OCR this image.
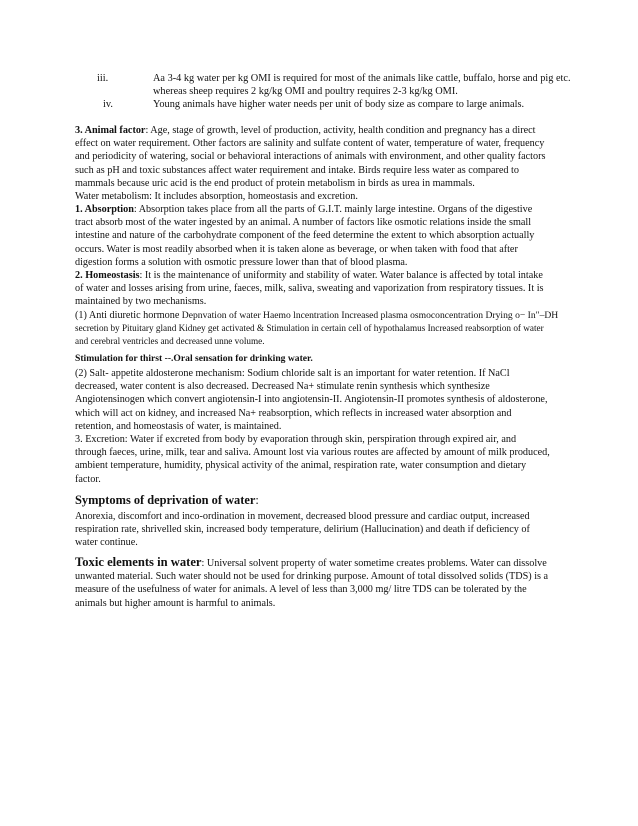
iii.	Aa 3-4 kg water per kg OMI is required for most of the animals like cattle, buffalo, horse and pig etc.
whereas sheep requires 2 kg/kg OMI and poultry requires 2-3 kg/kg OMI.
iv.	Young animals have higher water needs per unit of body size as compare to large animals.
3. Animal factor: Age, stage of growth, level of production, activity, health condition and pregnancy has a direct
effect on water requirement. Other factors are salinity and sulfate content of water, temperature of water, frequency
and periodicity of watering, social or behavioral interactions of animals with environment, and other quality factors
such as pH and toxic substances affect water requirement and intake. Birds require less water as compared to
mammals because uric acid is the end product of protein metabolism in birds as urea in mammals.
Water metabolism: It includes absorption, homeostasis and excretion.
1. Absorption: Absorption takes place from all the parts of G.I.T. mainly large intestine. Organs of the digestive
tract absorb most of the water ingested by an animal. A number of factors like osmotic relations inside the small
intestine and nature of the carbohydrate component of the feed determine the extent to which absorption actually
occurs. Water is most readily absorbed when it is taken alone as beverage, or when taken with food that after
digestion forms a solution with osmotic pressure lower than that of blood plasma.
2. Homeostasis: It is the maintenance of uniformity and stability of water. Water balance is affected by total intake
of water and losses arising from urine, faeces, milk, saliva, sweating and vaporization from respiratory tissues. It is
maintained by two mechanisms.
(1) Anti diuretic hormone Depnvation of water Haemo lncentration Increased plasma osmoconcentration Drying o− In"–DH
secretion by Pituitary gland Kidney get activated & Stimulation in certain cell of hypothalamus Increased reabsorption of water
and cerebral ventricles and decreased unne volume.
Stimulation for thirst --.Oral sensation for drinking water.
(2) Salt- appetite aldosterone mechanism: Sodium chloride salt is an important for water retention. If NaCl
decreased, water content is also decreased. Decreased Na+ stimulate renin synthesis which synthesize
Angiotensinogen which convert angiotensin-I into angiotensin-II. Angiotensin-II promotes synthesis of aldosterone,
which will act on kidney, and increased Na+ reabsorption, which reflects in increased water absorption and
retention, and homeostasis of water, is maintained.
3. Excretion: Water if excreted from body by evaporation through skin, perspiration through expired air, and
through faeces, urine, milk, tear and saliva. Amount lost via various routes are affected by amount of milk produced,
ambient temperature, humidity, physical activity of the animal, respiration rate, water consumption and dietary
factor.
Symptoms of deprivation of water:
Anorexia, discomfort and inco-ordination in movement, decreased blood pressure and cardiac output, increased
respiration rate, shrivelled skin, increased body temperature, delirium (Hallucination) and death if deficiency of
water continue.
Toxic elements in water: Universal solvent property of water sometime creates problems. Water can dissolve
unwanted material. Such water should not be used for drinking purpose. Amount of total dissolved solids (TDS) is a
measure of the usefulness of water for animals. A level of less than 3,000 mg/ litre TDS can be tolerated by the
animals but higher amount is harmful to animals.
